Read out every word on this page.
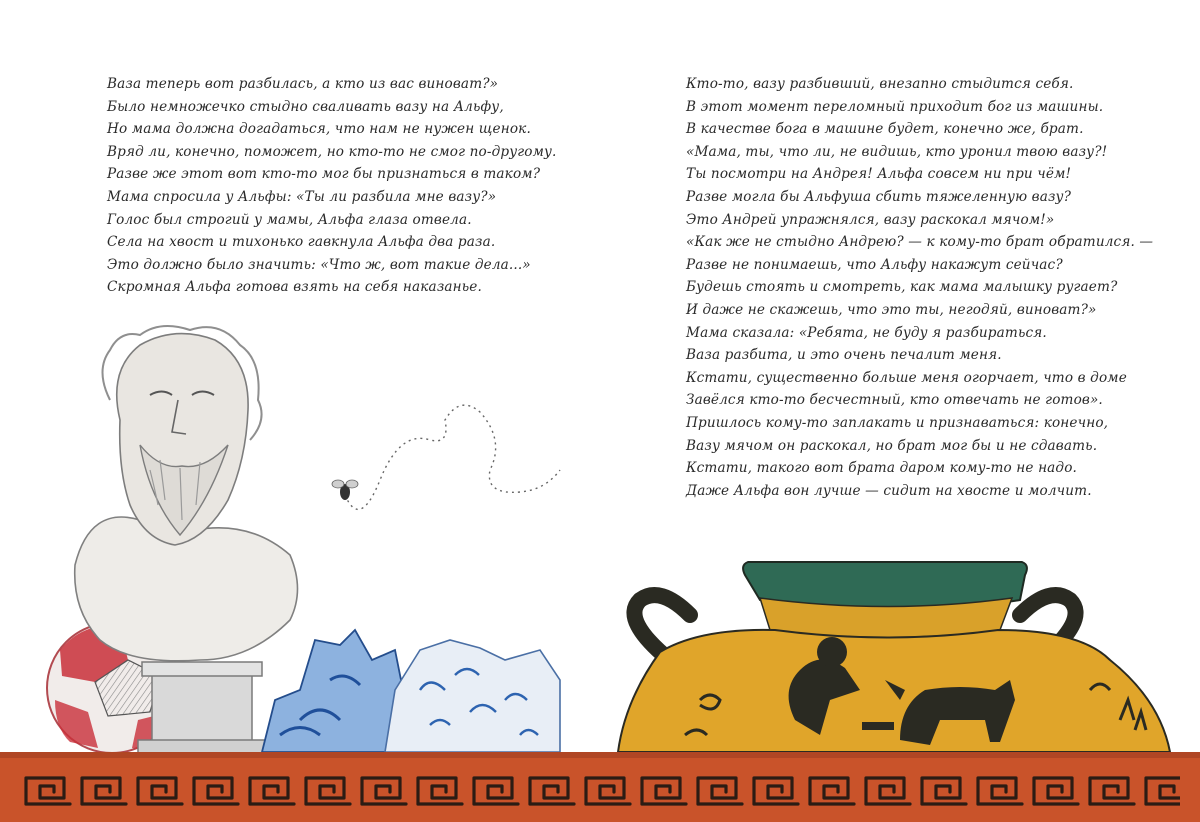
Ваза теперь вот разбилась, а кто из вас виноват?»
Было немножечко стыдно сваливать вазу на Альфу,
Но мама должна догадаться, что нам не нужен щенок.
Вряд ли, конечно, поможет, но кто-то не смог по-другому.
Разве же этот вот кто-то мог бы признаться в таком?
Мама спросила у Альфы: «Ты ли разбила мне вазу?»
Голос был строгий у мамы, Альфа глаза отвела.
Села на хвост и тихонько гавкнула Альфа два раза.
Это должно было значить: «Что ж, вот такие дела...»
Скромная Альфа готова взять на себя наказанье.
Кто-то, вазу разбивший, внезапно стыдится себя.
В этот момент переломный приходит бог из машины.
В качестве бога в машине будет, конечно же, брат.
«Мама, ты, что ли, не видишь, кто уронил твою вазу?!
Ты посмотри на Андрея! Альфа совсем ни при чём!
Разве могла бы Альфуша сбить тяжеленную вазу?
Это Андрей упражнялся, вазу раскокал мячом!»
«Как же не стыдно Андрею? — к кому-то брат обратился. —
Разве не понимаешь, что Альфу накажут сейчас?
Будешь стоять и смотреть, как мама малышку ругает?
И даже не скажешь, что это ты, негодяй, виноват?»
Мама сказала: «Ребята, не буду я разбираться.
Ваза разбита, и это очень печалит меня.
Кстати, существенно больше меня огорчает, что в доме
Завёлся кто-то бесчестный, кто отвечать не готов».
Пришлось кому-то заплакать и признаваться: конечно,
Вазу мячом он раскокал, но брат мог бы и не сдавать.
Кстати, такого вот брата даром кому-то не надо.
Даже Альфа вон лучше — сидит на хвосте и молчит.
